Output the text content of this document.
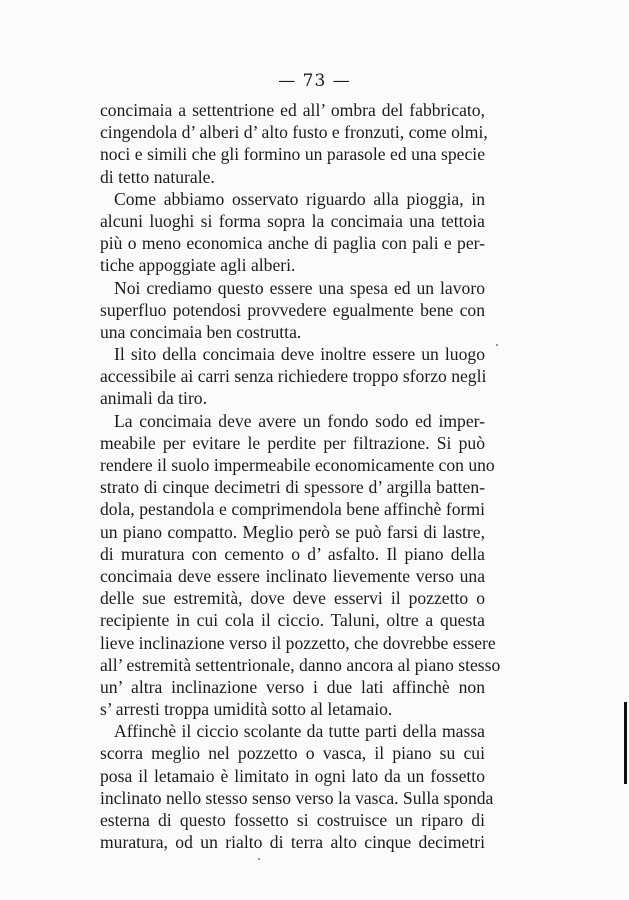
— 73 —
concimaia a settentrione ed all’ ombra del fabbricato,
cingendola d’ alberi d’ alto fusto e fronzuti, come olmi,
noci e simili che gli formino un parasole ed una specie
di tetto naturale.
Come abbiamo osservato riguardo alla pioggia, in
alcuni luoghi si forma sopra la concimaia una tettoia
più o meno economica anche di paglia con pali e per-
tiche appoggiate agli alberi.
Noi crediamo questo essere una spesa ed un lavoro
superfluo potendosi provvedere egualmente bene con
una concimaia ben costrutta.
Il sito della concimaia deve inoltre essere un luogo
accessibile ai carri senza richiedere troppo sforzo negli
animali da tiro.
La concimaia deve avere un fondo sodo ed imper-
meabile per evitare le perdite per filtrazione. Si può
rendere il suolo impermeabile economicamente con uno
strato di cinque decimetri di spessore d’ argilla batten-
dola, pestandola e comprimendola bene affinchè formi
un piano compatto. Meglio però se può farsi di lastre,
di muratura con cemento o d’ asfalto. Il piano della
concimaia deve essere inclinato lievemente verso una
delle sue estremità, dove deve esservi il pozzetto o
recipiente in cui cola il ciccio. Taluni, oltre a questa
lieve inclinazione verso il pozzetto, che dovrebbe essere
all’ estremità settentrionale, danno ancora al piano stesso
un’ altra inclinazione verso i due lati affinchè non
s’ arresti troppa umidità sotto al letamaio.
Affinchè il ciccio scolante da tutte parti della massa
scorra meglio nel pozzetto o vasca, il piano su cui
posa il letamaio è limitato in ogni lato da un fossetto
inclinato nello stesso senso verso la vasca. Sulla sponda
esterna di questo fossetto si costruisce un riparo di
muratura, od un rialto di terra alto cinque decimetri
